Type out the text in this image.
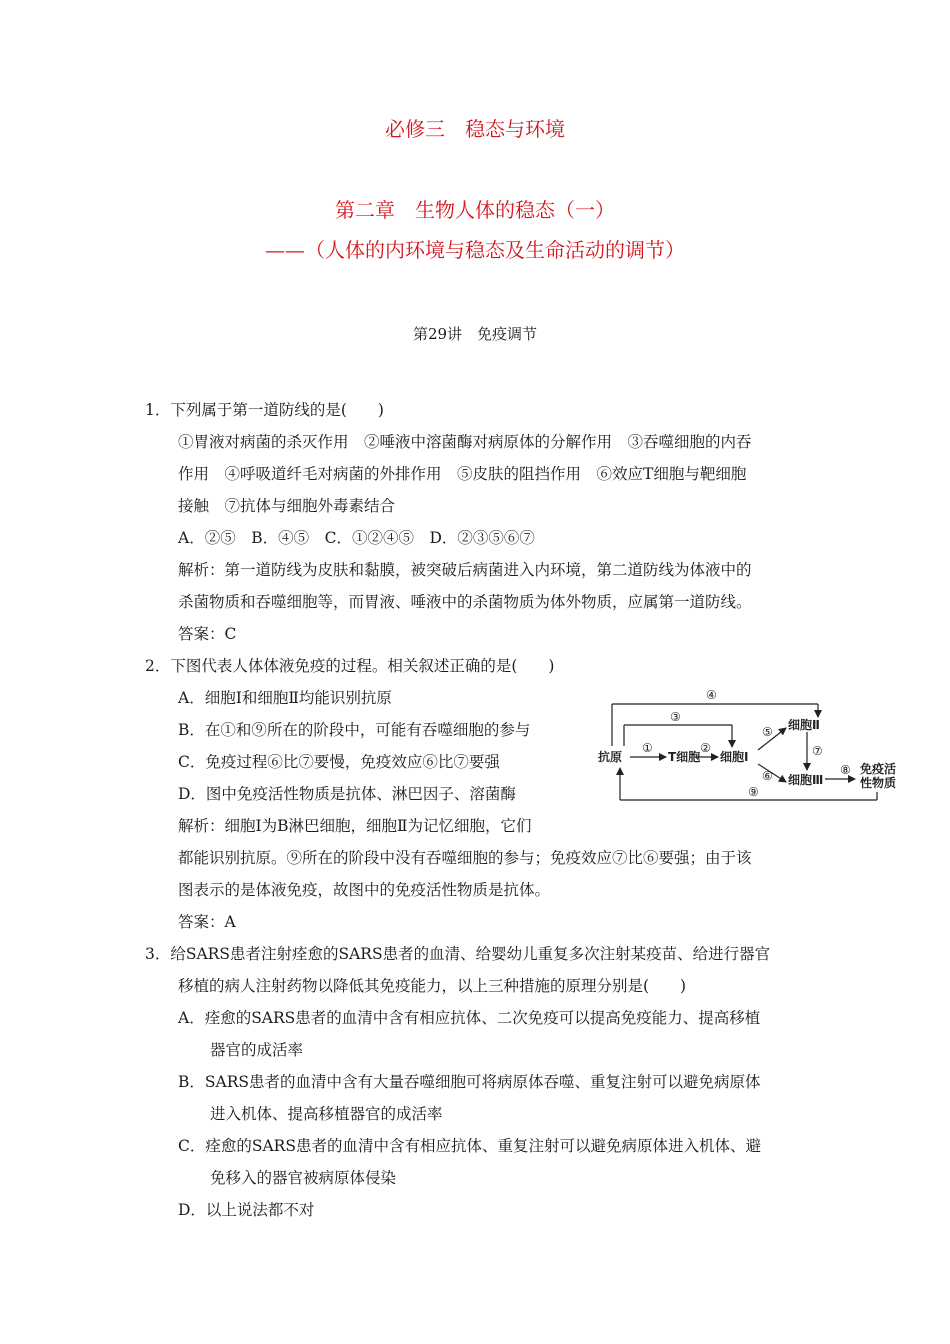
必修三　稳态与环境
第二章　生物人体的稳态（一）
——（人体的内环境与稳态及生命活动的调节）
第29讲　免疫调节
1．下列属于第一道防线的是(　　)
①胃液对病菌的杀灭作用　②唾液中溶菌酶对病原体的分解作用　③吞噬细胞的内吞
作用　④呼吸道纤毛对病菌的外排作用　⑤皮肤的阻挡作用　⑥效应T细胞与靶细胞
接触　⑦抗体与细胞外毒素结合
A．②⑤　B．④⑤　C．①②④⑤　D．②③⑤⑥⑦
解析：第一道防线为皮肤和黏膜，被突破后病菌进入内环境，第二道防线为体液中的
杀菌物质和吞噬细胞等，而胃液、唾液中的杀菌物质为体外物质，应属第一道防线。
答案：C
2．下图代表人体体液免疫的过程。相关叙述正确的是(　　)
A．细胞Ⅰ和细胞Ⅱ均能识别抗原
B．在①和⑨所在的阶段中，可能有吞噬细胞的参与
C．免疫过程⑥比⑦要慢，免疫效应⑥比⑦要强
D．图中免疫活性物质是抗体、淋巴因子、溶菌酶
解析：细胞Ⅰ为B淋巴细胞，细胞Ⅱ为记忆细胞，它们
都能识别抗原。⑨所在的阶段中没有吞噬细胞的参与；免疫效应⑦比⑥要强；由于该
图表示的是体液免疫，故图中的免疫活性物质是抗体。
答案：A
抗原	T细胞 细胞Ⅰ
细胞Ⅱ
细胞Ⅲ
免疫活
性物质
①	②
③
④
⑤
⑥
⑦
⑧
⑨
3．给SARS患者注射痊愈的SARS患者的血清、给婴幼儿重复多次注射某疫苗、给进行器官
移植的病人注射药物以降低其免疫能力，以上三种措施的原理分别是(　　)
A．痊愈的SARS患者的血清中含有相应抗体、二次免疫可以提高免疫能力、提高移植
器官的成活率
B．SARS患者的血清中含有大量吞噬细胞可将病原体吞噬、重复注射可以避免病原体
进入机体、提高移植器官的成活率
C．痊愈的SARS患者的血清中含有相应抗体、重复注射可以避免病原体进入机体、避
免移入的器官被病原体侵染
D．以上说法都不对
